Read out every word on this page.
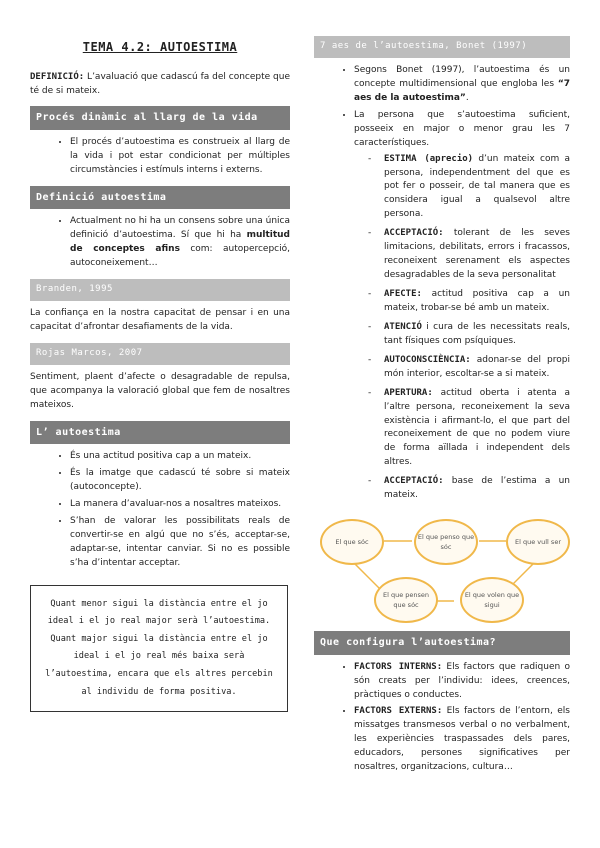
TEMA 4.2: AUTOESTIMA

DEFINICIÓ: L’avaluació que cadascú fa del concepte que té de si mateix.

Procés dinàmic al llarg de la vida
• El procés d’autoestima es construeix al llarg de la vida i pot estar condicionat per múltiples circumstàncies i estímuls interns i externs.
Definició autoestima
• Actualment no hi ha un consens sobre una única definició d’autoestima. Sí que hi ha multitud de conceptes afins com: autopercepció, autoconeixement…
Branden, 1995

La confiança en la nostra capacitat de pensar i en una capacitat d’afrontar desafiaments de la vida.

Rojas Marcos, 2007

Sentiment, plaent d’afecte o desagradable de repulsa, que acompanya la valoració global que fem de nosaltres mateixos.

L’ autoestima
• És una actitud positiva cap a un mateix.
• És la imatge que cadascú té sobre si mateix (autoconcepte).
• La manera d’avaluar-nos a nosaltres mateixos.
• S’han de valorar les possibilitats reals de convertir-se en algú que no s’és, acceptar-se, adaptar-se, intentar canviar. Si no es possible s’ha d’intentar acceptar.
Quant menor sigui la distància entre el jo ideal i el jo real major serà l’autoestima. Quant major sigui la distància entre el jo ideal i el jo real més baixa serà l’autoestima, encara que els altres percebin al individu de forma positiva.
7 aes de l’autoestima, Bonet (1997)
• Segons Bonet (1997), l’autoestima és un concepte multidimensional que engloba les “7 aes de la autoestima”.
• La persona que s’autoestima suficient, posseeix en major o menor grau les 7 característiques.
- ESTIMA (aprecio) d’un mateix com a persona, independentment del que es pot fer o posseir, de tal manera que es considera igual a qualsevol altre persona.
- ACCEPTACIÓ: tolerant de les seves limitacions, debilitats, errors i fracassos, reconeixent serenament els aspectes desagradables de la seva personalitat
- AFECTE: actitud positiva cap a un mateix, trobar-se bé amb un mateix.
- ATENCIÓ i cura de les necessitats reals, tant físiques com psíquiques.
- AUTOCONSCIÈNCIA: adonar-se del propi món interior, escoltar-se a si mateix.
- APERTURA: actitud oberta i atenta a l’altre persona, reconeixement la seva existència i afirmant-lo, el que part del reconeixement de que no podem viure de forma aïllada i independent dels altres.
- ACCEPTACIÓ: base de l’estima a un mateix.
El que sóc
El que penso que sóc
El que vull ser
El que pensen que sóc
El que volen que sigui
Que configura l’autoestima?
• FACTORS INTERNS: Els factors que radiquen o són creats per l’individu: idees, creences, pràctiques o conductes.
• FACTORS EXTERNS: Els factors de l’entorn, els missatges transmesos verbal o no verbalment, les experiències traspassades dels pares, educadors, persones significatives per nosaltres, organitzacions, cultura…
